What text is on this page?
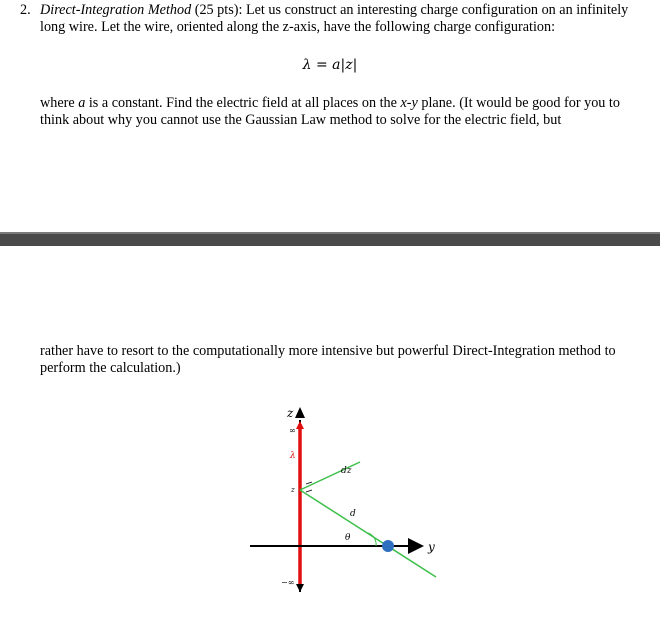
2. Direct-Integration Method (25 pts): Let us construct an interesting charge configuration on an infinitely long wire. Let the wire, oriented along the z-axis, have the following charge configuration:
λ = a|z|
where a is a constant. Find the electric field at all places on the x-y plane. (It would be good for you to think about why you cannot use the Gaussian Law method to solve for the electric field, but
rather have to resort to the computationally more intensive but powerful Direct-Integration method to perform the calculation.)
z
∞
λ
dz
z
d
θ
y
−∞
